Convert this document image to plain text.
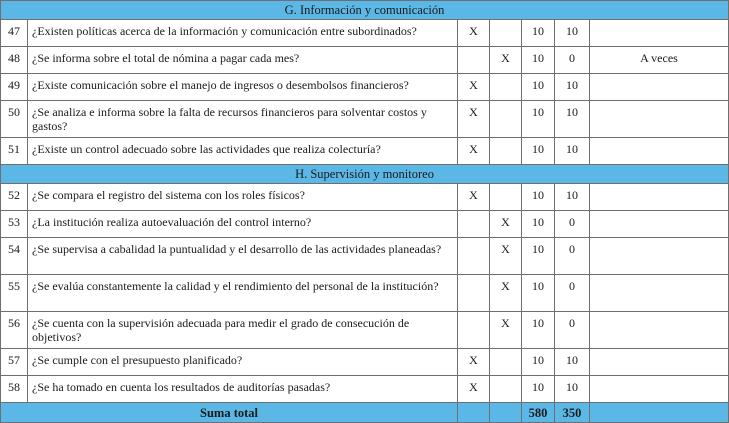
G. Información y comunicación						
47	¿Existen políticas acerca de la información y comunicación entre subordinados?	X		10	10	
48	¿Se informa sobre el total de nómina a pagar cada mes?		X	10	0	A veces
49	¿Existe comunicación sobre el manejo de ingresos o desembolsos financieros?	X		10	10	
50	¿Se analiza e informa sobre la falta de recursos financieros para solventar costos y gastos?	X		10	10	
51	¿Existe un control adecuado sobre las actividades que realiza colecturía?	X		10	10	
H. Supervisión y monitoreo						
52	¿Se compara el registro del sistema con los roles físicos?	X		10	10	
53	¿La institución realiza autoevaluación del control interno?		X	10	0	
54	¿Se supervisa a cabalidad la puntualidad y el desarrollo de las actividades planeadas?		X	10	0	
55	¿Se evalúa constantemente la calidad y el rendimiento del personal de la institución?		X	10	0	
56	¿Se cuenta con la supervisión adecuada para medir el grado de consecución de objetivos?		X	10	0	
57	¿Se cumple con el presupuesto planificado?	X		10	10	
58	¿Se ha tomado en cuenta los resultados de auditorías pasadas?	X		10	10	
Suma total				580	350	
